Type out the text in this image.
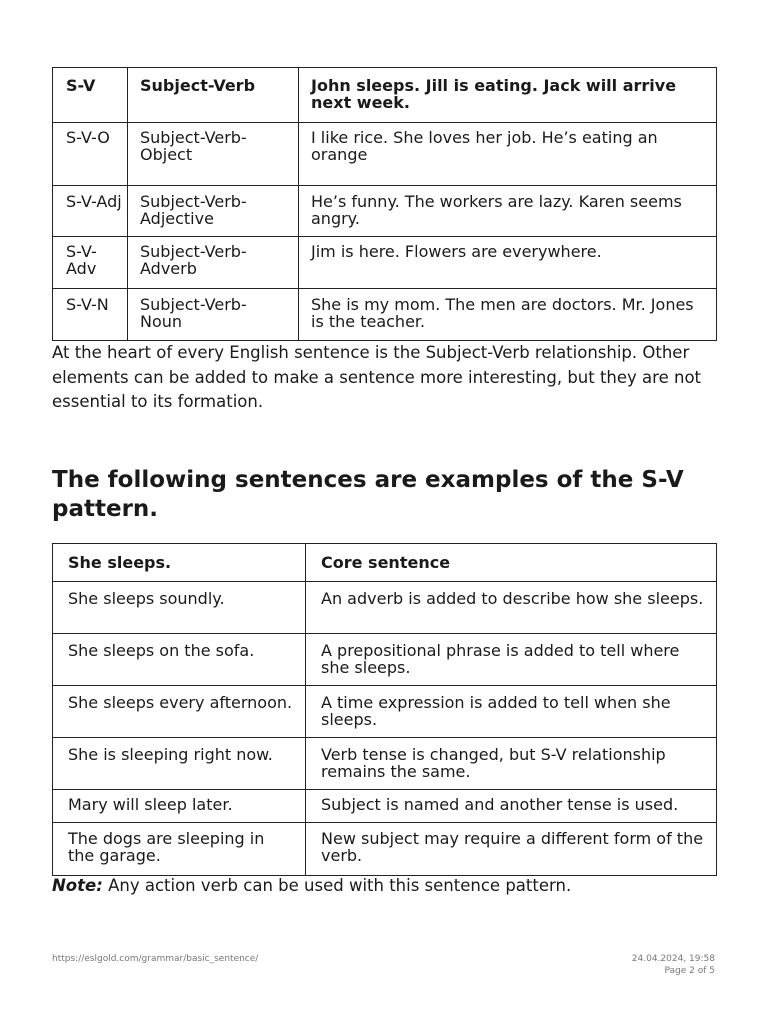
S-V	Subject-Verb	John sleeps. Jill is eating. Jack will arrive next week.
S-V-O	Subject-Verb-Object	I like rice. She loves her job. He’s eating an orange
S-V-Adj	Subject-Verb-Adjective	He’s funny. The workers are lazy. Karen seems angry.
S-V-Adv	Subject-Verb-Adverb	Jim is here. Flowers are everywhere.
S-V-N	Subject-Verb-Noun	She is my mom. The men are doctors. Mr. Jones is the teacher.

At the heart of every English sentence is the Subject-Verb relationship. Other elements can be added to make a sentence more interesting, but they are not essential to its formation.

The following sentences are examples of the S-V pattern.
She sleeps.	Core sentence
She sleeps soundly.	An adverb is added to describe how she sleeps.
She sleeps on the sofa.	A prepositional phrase is added to tell where she sleeps.
She sleeps every afternoon.	A time expression is added to tell when she sleeps.
She is sleeping right now.	Verb tense is changed, but S-V relationship remains the same.
Mary will sleep later.	Subject is named and another tense is used.
The dogs are sleeping in the garage.	New subject may require a different form of the verb.
Note: Any action verb can be used with this sentence pattern.
https://eslgold.com/grammar/basic_sentence/	24.04.2024, 19:58
Page 2 of 5
